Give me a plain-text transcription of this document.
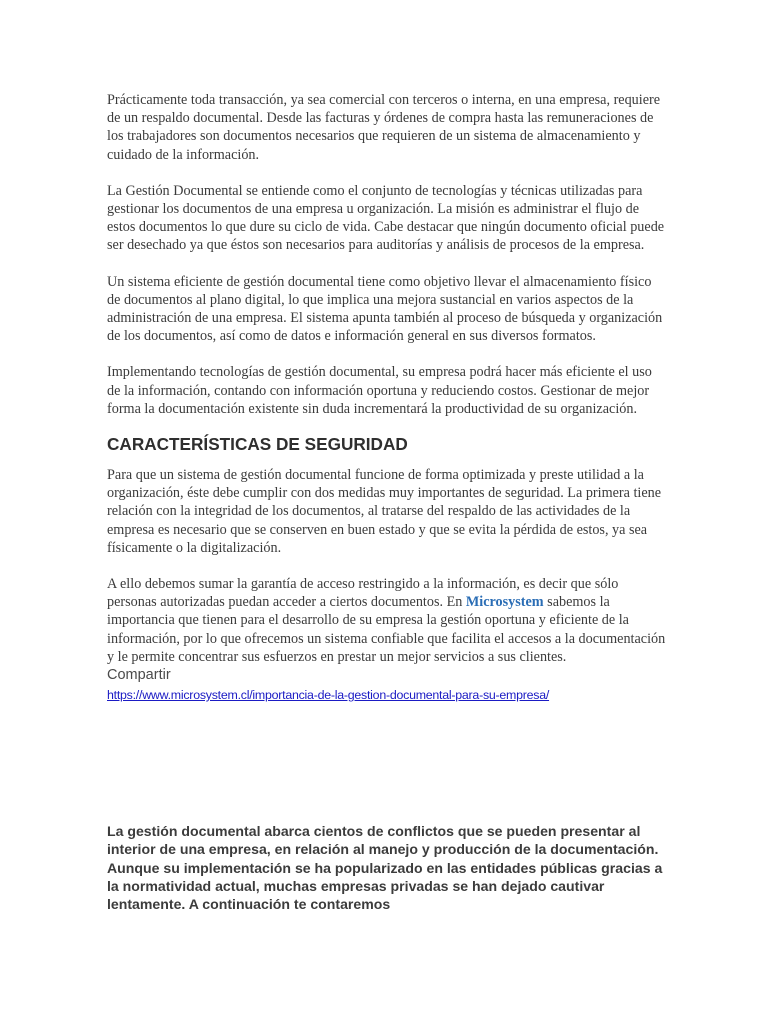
Prácticamente toda transacción, ya sea comercial con terceros o interna, en una empresa, requiere de un respaldo documental. Desde las facturas y órdenes de compra hasta las remuneraciones de los trabajadores son documentos necesarios que requieren de un sistema de almacenamiento y cuidado de la información.

La Gestión Documental se entiende como el conjunto de tecnologías y técnicas utilizadas para gestionar los documentos de una empresa u organización. La misión es administrar el flujo de estos documentos lo que dure su ciclo de vida. Cabe destacar que ningún documento oficial puede ser desechado ya que éstos son necesarios para auditorías y análisis de procesos de la empresa.

Un sistema eficiente de gestión documental tiene como objetivo llevar el almacenamiento físico de documentos al plano digital, lo que implica una mejora sustancial en varios aspectos de la administración de una empresa. El sistema apunta también al proceso de búsqueda y organización de los documentos, así como de datos e información general en sus diversos formatos.

Implementando tecnologías de gestión documental, su empresa podrá hacer más eficiente el uso de la información, contando con información oportuna y reduciendo costos. Gestionar de mejor forma la documentación existente sin duda incrementará la productividad de su organización.

CARACTERÍSTICAS DE SEGURIDAD

Para que un sistema de gestión documental funcione de forma optimizada y preste utilidad a la organización, éste debe cumplir con dos medidas muy importantes de seguridad. La primera tiene relación con la integridad de los documentos, al tratarse del respaldo de las actividades de la empresa es necesario que se conserven en buen estado y que se evita la pérdida de estos, ya sea físicamente o la digitalización.

A ello debemos sumar la garantía de acceso restringido a la información, es decir que sólo personas autorizadas puedan acceder a ciertos documentos. En Microsystem sabemos la importancia que tienen para el desarrollo de su empresa la gestión oportuna y eficiente de la información, por lo que ofrecemos un sistema confiable que facilita el accesos a la documentación y le permite concentrar sus esfuerzos en prestar un mejor servicios a sus clientes.

Compartir

https://www.microsystem.cl/importancia-de-la-gestion-documental-para-su-empresa/

La gestión documental abarca cientos de conflictos que se pueden presentar al interior de una empresa, en relación al manejo y producción de la documentación. Aunque su implementación se ha popularizado en las entidades públicas gracias a la normatividad actual, muchas empresas privadas se han dejado cautivar lentamente. A continuación te contaremos
